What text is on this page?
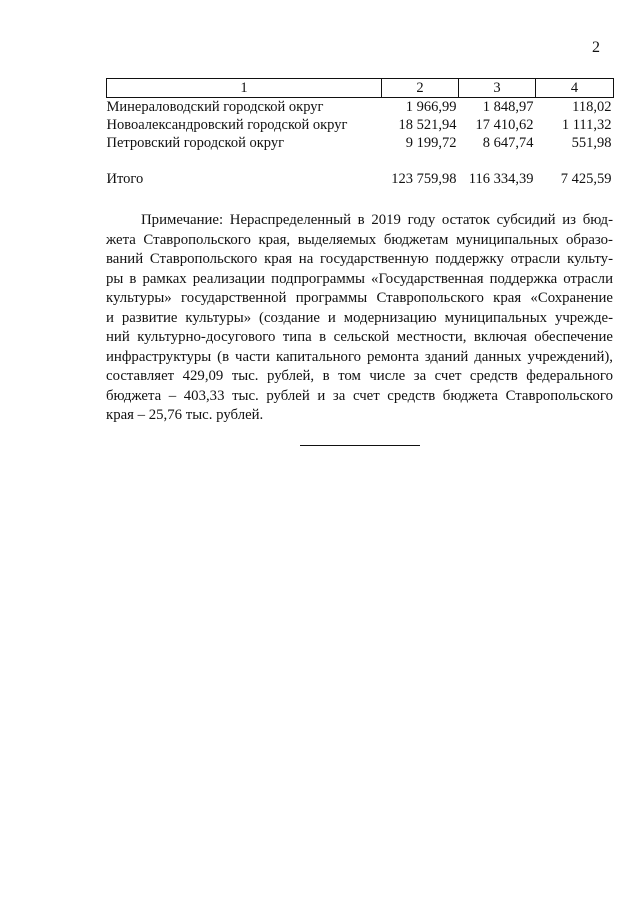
2
1	2	3	4
Минераловодский городской округ	1 966,99	1 848,97	118,02
Новоалександровский городской округ	18 521,94	17 410,62	1 111,32
Петровский городской округ	9 199,72	8 647,74	551,98

Итого	123 759,98	116 334,39	7 425,59
Примечание: Нераспределенный в 2019 году остаток субсидий из бюд-
жета Ставропольского края, выделяемых бюджетам муниципальных образо-
ваний Ставропольского края на государственную поддержку отрасли культу-
ры в рамках реализации подпрограммы «Государственная поддержка отрасли
культуры» государственной программы Ставропольского края «Сохранение
и развитие культуры» (создание и модернизацию муниципальных учрежде-
ний культурно-досугового типа в сельской местности, включая обеспечение
инфраструктуры (в части капитального ремонта зданий данных учреждений),
составляет 429,09 тыс. рублей, в том числе за счет средств федерального
бюджета – 403,33 тыс. рублей и за счет средств бюджета Ставропольского
края – 25,76 тыс. рублей.
